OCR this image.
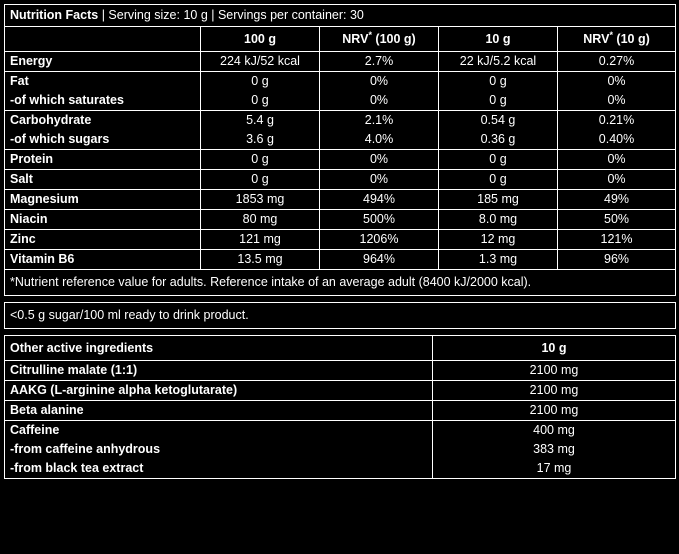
Nutrition Facts | Serving size: 10 g | Servings per container: 30				
	100 g	NRV* (100 g)	10 g	NRV* (10 g)
Energy	224 kJ/52 kcal	2.7%	22 kJ/5.2 kcal	0.27%
Fat	0 g	0%	0 g	0%
-of which saturates	0 g	0%	0 g	0%
Carbohydrate	5.4 g	2.1%	0.54 g	0.21%
-of which sugars	3.6 g	4.0%	0.36 g	0.40%
Protein	0 g	0%	0 g	0%
Salt	0 g	0%	0 g	0%
Magnesium	1853 mg	494%	185 mg	49%
Niacin	80 mg	500%	8.0 mg	50%
Zinc	121 mg	1206%	12 mg	121%
Vitamin B6	13.5 mg	964%	1.3 mg	96%
*Nutrient reference value for adults. Reference intake of an average adult (8400 kJ/2000 kcal).				
<0.5 g sugar/100 ml ready to drink product.
Other active ingredients	10 g
Citrulline malate (1:1)	2100 mg
AAKG (L-arginine alpha ketoglutarate)	2100 mg
Beta alanine	2100 mg
Caffeine	400 mg
-from caffeine anhydrous	383 mg
-from black tea extract	17 mg
